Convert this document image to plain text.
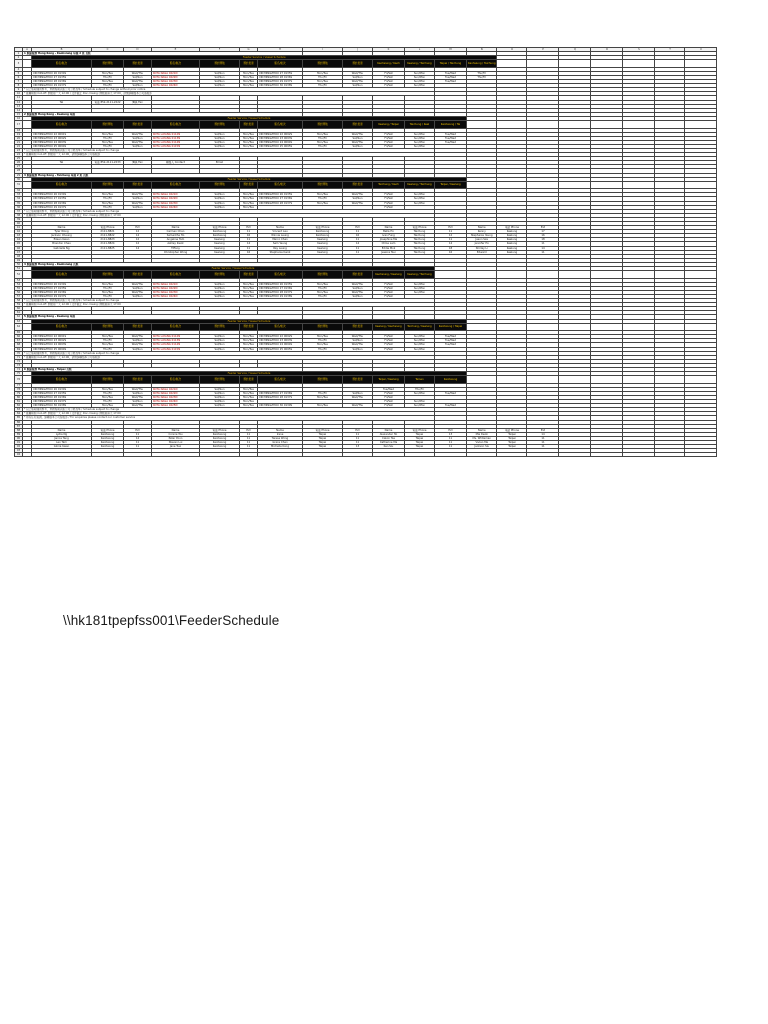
	A	B	C	D	E	F	G	H	I	J	K	L	M	N	O	P	Q	R	S	T	U
1	1 航線服務 Hong Kong - Kaohsiung 每週 2 班 直航																				
2		Feeder Service / Vessel Schedule																			
3		船名/航次	預計開航	預計抵達	船名/航次	預計開航	預計抵達	船名/航次	預計開航	預計抵達	Kaohsiung / Kaoh	Keelung / Taichung	Taipei / Taichung	Kaohsiung / Taichung							
4																					
5		XIN MINGZHOU 26 0134S	Mon/Tue	Wed/Thu	KOTA NAGA 0221N	Sat/Sun	Mon/Tue	XIN MINGZHOU 27 0135S	Mon/Tue	Wed/Thu	Fri/Sat	Sun/Mon	Tue/Wed	Thu/Fri							
6		XIN MINGZHOU 27 0135S	Thu/Fri	Sat/Sun	KOTA NAGA 0222N	Sat/Sun	Mon/Tue	XIN MINGZHOU 28 0136S	Thu/Fri	Sat/Sun	Fri/Sat	Sun/Mon	Tue/Wed	Thu/Fri							
7		XIN MINGZHOU 28 0136S	Mon/Tue	Wed/Thu	KOTA NAGA 0223N	Sat/Sun	Mon/Tue	XIN MINGZHOU 29 0137S	Mon/Tue	Wed/Thu	Fri/Sat	Sun/Mon	Tue/Wed								
8		XIN MINGZHOU 29 0137S	Thu/Fri	Sat/Sun	KOTA NAGA 0224N	Sat/Sun	Mon/Tue	XIN MINGZHOU 30 0138S	Thu/Fri	Sat/Sun	Fri/Sat	Sun/Mon									
9	* 以上船期僅供參考，實際船期以船公司公佈為準 / Schedule subject to change without prior notice																				
10	* 截關時間 Cut-off: 開航前一天 12:00 / 文件截止 Doc closing: 開航前兩天 17:00，詳情請聯絡本公司客服部																				
11																					
12		Tel	電話 852-2111-2222	傳真 Fax																	
13																					
14																					
15	2 航線服務 Hong Kong - Keelung 每週																				
16		Feeder Service / Vessel Schedule																			
17		船名/航次	預計開航	預計抵達	船名/航次	預計開航	預計抵達	船名/航次	預計開航	預計抵達	Keelung / Taipei	Taichung / Keel	Kaohsiung / Tai								
18																					
19		XIN MINGZHOU 22 0091S	Mon/Tue	Wed/Thu	KOTA LAYANG 0112N	Sat/Sun	Mon/Tue	XIN MINGZHOU 22 0092S	Mon/Tue	Wed/Thu	Fri/Sat	Sun/Mon	Tue/Wed								
20		XIN MINGZHOU 23 0092S	Thu/Fri	Sat/Sun	KOTA LAYANG 0113N	Sat/Sun	Mon/Tue	XIN MINGZHOU 23 0093S	Thu/Fri	Sat/Sun	Fri/Sat	Sun/Mon	Tue/Wed								
21		XIN MINGZHOU 24 0093S	Mon/Tue	Wed/Thu	KOTA LAYANG 0114N	Sat/Sun	Mon/Tue	XIN MINGZHOU 24 0094S	Mon/Tue	Wed/Thu	Fri/Sat	Sun/Mon	Tue/Wed								
22		XIN MINGZHOU 25 0094S	Thu/Fri	Sat/Sun	KOTA LAYANG 0115N	Sat/Sun	Mon/Tue	XIN MINGZHOU 25 0095S	Thu/Fri	Sat/Sun	Fri/Sat	Sun/Mon									
23	* 以上船期僅供參考，實際船期以船公司公佈為準 / Schedule subject to change																				
24	* 截關時間 Cut-off: 開航前一天 12:00，詳情請聯絡本公司客服部																				
25																					
26		Tel	電話 852-2111-2233	傳真 Fax	聯絡人 Contact	Email															
27																					
28																					
29	3 航線服務 Hong Kong - Taichung 每週 2 班 直航																				
30		Feeder Service / Vessel Schedule																			
31		船名/航次	預計開航	預計抵達	船名/航次	預計開航	預計抵達	船名/航次	預計開航	預計抵達	Taichung / Kaoh	Keelung / Taichung	Taipei / Keelung								
32																					
33		XIN MINGZHOU 26 0134S	Mon/Tue	Wed/Thu	KOTA NAGA 0221N	Sat/Sun	Mon/Tue	XIN MINGZHOU 26 0135S	Mon/Tue	Wed/Thu	Fri/Sat	Sun/Mon									
34		XIN MINGZHOU 27 0135S	Thu/Fri	Sat/Sun	KOTA NAGA 0222N	Sat/Sun	Mon/Tue	XIN MINGZHOU 27 0136S	Thu/Fri	Sat/Sun	Fri/Sat	Sun/Mon									
35		XIN MINGZHOU 28 0136S	Mon/Tue	Wed/Thu	KOTA NAGA 0223N	Sat/Sun	Mon/Tue	XIN MINGZHOU 28 0137S	Mon/Tue	Wed/Thu	Fri/Sat	Sun/Mon									
36		XIN MINGZHOU 29 0137S	Thu/Fri	Sat/Sun	KOTA NAGA 0224N	Sat/Sun	Mon/Tue				Fri/Sat										
37	* 以上船期僅供參考，實際船期以船公司公佈為準 / Schedule subject to change																				
38	* 截關時間 Cut-off: 開航前一天 12:00 / 文件截止 Doc closing: 開航前兩天 17:00																				
39																					
40																					
41		Name	電話 Phone	Ext	Name	電話 Phone	Ext	Name	電話 Phone	Ext	Name	電話 Phone	Ext	Name	電話 Phone	Ext					
42		Tyler Wong	2111-8821	12	Carmen Chan	Kaohsiung	11	Vincent Lau	Kaohsiung	11	Bella Ho	Taichung	11	Kenny	Keelung	17					
43		Jackson Cheung	2111-8822	14	Samantha Ho	Kaohsiung	16	Winnie Leung	Kaohsiung	16	Ivan Fung	Taichung	12	Stephanie Yeung	Keelung	16					
44		Eileen Kwan	2111-8823	12	Angeline Tam	Keelung	11	Marco Chan	Keelung	11	Josephine Ma	Taichung	11	Jason Sze	Keelung	18					
45		Brandon Chau	2111-8824	12	Ashley Kwok	Keelung	14	Sam Yeung	Keelung	14	Chloe Lam	Taichung	14	Jennifer Ho	Keelung	11					
46		Gabriella Ng	2111-8825	14	Tiffany	Keelung	11	Ray Leung	Keelung	11	Eddie Mok	Taichung	18	Shirley Li	Keelung	14					
47					Christopher Wong	Keelung	16	Stephanie Kwok	Keelung	11	Jessica Tsui	Taichung	16	Edward	Keelung	11					
48																					
49																					
50	4 航線服務 Hong Kong - Kaohsiung 直航																				
51		Feeder Service / Vessel Schedule																			
52		船名/航次	預計開航	預計抵達	船名/航次	預計開航	預計抵達	船名/航次	預計開航	預計抵達	Kaohsiung / Keelung	Keelung / Taichung									
53																					
54		XIN MINGZHOU 26 0134S	Mon/Tue	Wed/Thu	KOTA NAGA 0221N	Sat/Sun	Mon/Tue	XIN MINGZHOU 26 0135S	Mon/Tue	Wed/Thu	Fri/Sat	Sun/Mon									
55		XIN MINGZHOU 27 0135S	Thu/Fri	Sat/Sun	KOTA NAGA 0222N	Sat/Sun	Mon/Tue	XIN MINGZHOU 27 0136S	Thu/Fri	Sat/Sun	Fri/Sat	Sun/Mon									
56		XIN MINGZHOU 28 0136S	Mon/Tue	Wed/Thu	KOTA NAGA 0223N	Sat/Sun	Mon/Tue	XIN MINGZHOU 28 0137S	Mon/Tue	Wed/Thu	Fri/Sat	Sun/Mon									
57		XIN MINGZHOU 29 0137S	Thu/Fri	Sat/Sun	KOTA NAGA 0224N	Sat/Sun	Mon/Tue	XIN MINGZHOU 29 0138S	Thu/Fri	Sat/Sun	Fri/Sat										
58	* 以上船期僅供參考，實際船期以船公司公佈為準 / Schedule subject to change																				
59	* 截關時間 Cut-off: 開航前一天 12:00 / 文件截止 Doc closing: 開航前兩天 17:00																				
60																					
61																					
62	5 航線服務 Hong Kong - Keelung 每週																				
63		Feeder Service / Vessel Schedule																			
64		船名/航次	預計開航	預計抵達	船名/航次	預計開航	預計抵達	船名/航次	預計開航	預計抵達	Keelung / Kaohsiung	Taichung / Keelung	Kaohsiung / Taipei								
65																					
66		XIN MINGZHOU 22 0091S	Mon/Tue	Wed/Thu	KOTA LAYANG 0112N	Sat/Sun	Mon/Tue	XIN MINGZHOU 22 0092S	Mon/Tue	Wed/Thu	Fri/Sat	Sun/Mon	Tue/Wed								
67		XIN MINGZHOU 23 0092S	Thu/Fri	Sat/Sun	KOTA LAYANG 0113N	Sat/Sun	Mon/Tue	XIN MINGZHOU 23 0093S	Thu/Fri	Sat/Sun	Fri/Sat	Sun/Mon	Tue/Wed								
68		XIN MINGZHOU 24 0093S	Mon/Tue	Wed/Thu	KOTA LAYANG 0114N	Sat/Sun	Mon/Tue	XIN MINGZHOU 24 0094S	Mon/Tue	Wed/Thu	Fri/Sat	Sun/Mon	Tue/Wed								
69		XIN MINGZHOU 25 0094S	Thu/Fri	Sat/Sun	KOTA LAYANG 0115N	Sat/Sun	Mon/Tue	XIN MINGZHOU 25 0095S	Thu/Fri	Sat/Sun	Fri/Sat	Sun/Mon									
70	* 以上船期僅供參考，實際船期以船公司公佈為準 / Schedule subject to change																				
71	* 截關時間 Cut-off: 開航前一天 12:00，詳情請聯絡本公司客服部																				
72																					
73																					
74	6 航線服務 Hong Kong - Taipei 直航																				
75		Feeder Service / Vessel Schedule																			
76		船名/航次	預計開航	預計抵達	船名/航次	預計開航	預計抵達	船名/航次	預計開航	預計抵達	Taipei / Keelung	Tainan	Kaohsiung								
77																					
78		XIN MINGZHOU 26 0134S	Mon/Tue	Wed/Thu	KOTA NAGA 0221N	Sat/Sun	Mon/Tue				Tue/Wed	Thu/Fri									
79		XIN MINGZHOU 27 0135S	Thu/Fri	Sat/Sun	KOTA NAGA 0222N	Sat/Sun	Mon/Tue	XIN MINGZHOU 27 0136S	Thu/Fri	Sat/Sun	Fri/Sat	Sun/Mon	Tue/Wed								
80		XIN MINGZHOU 28 0136S	Mon/Tue	Wed/Thu	KOTA NAGA 0223N	Sat/Sun	Mon/Tue	XIN MINGZHOU 28 0137S	Mon/Tue	Wed/Thu	Fri/Sat										
81		XIN MINGZHOU 29 0137S	Thu/Fri	Sat/Sun	KOTA NAGA 0224N	Sat/Sun	Mon/Tue				Fri/Sat	Sun/Mon									
82		XIN MINGZHOU 30 0138S	Mon/Tue	Wed/Thu	KOTA NAGA 0225N	Sat/Sun	Mon/Tue	XIN MINGZHOU 30 0139S	Mon/Tue	Wed/Thu	Fri/Sat	Sun/Mon	Tue/Wed								
83	* 以上船期僅供參考，實際船期以船公司公佈為準 / Schedule subject to change																				
84	* 截關時間 Cut-off: 開航前一天 12:00 / 文件截止 Doc closing: 開航前兩天 17:00																				
85	* 如有任何查詢，請聯絡本公司客服部 / For enquiries please contact our customer service																				
86																					
87																					
88		Name	電話 Phone	Ext	Name	電話 Phone	Ext	Name	電話 Phone	Ext	Name	電話 Phone	Ext	Name	電話 Phone	Ext					
89		Lydia Ng	Kaohsiung	11	Connie Wu	Kaohsiung	11	Irene	Taipei	11	Alexander Ho	Taipei	13	Mia Kwok	Taipei	14					
90		Janice Tang	Kaohsiung	14	Peter Poon	Kaohsiung	11	Teresa Wong	Taipei	11	Calvin Tse	Taipei	11	Ms. Whiteman	Taipei	11					
91		Leo Tam	Kaohsiung	11	Steven Lui	Kaohsiung	11	Grace Chan	Taipei	11	Catherine Ma	Taipei	11	Vivian Ma	Taipei	11					
92		Gloria Kwan	Kaohsiung	11	Jane Tsui	Kaohsiung	11	Michelle Kong	Taipei	13	Ken Siu	Taipei	11	Jackson Siu	Taipei	11					
93																					
94																					
\\hk181tpepfss001\FeederSchedule
